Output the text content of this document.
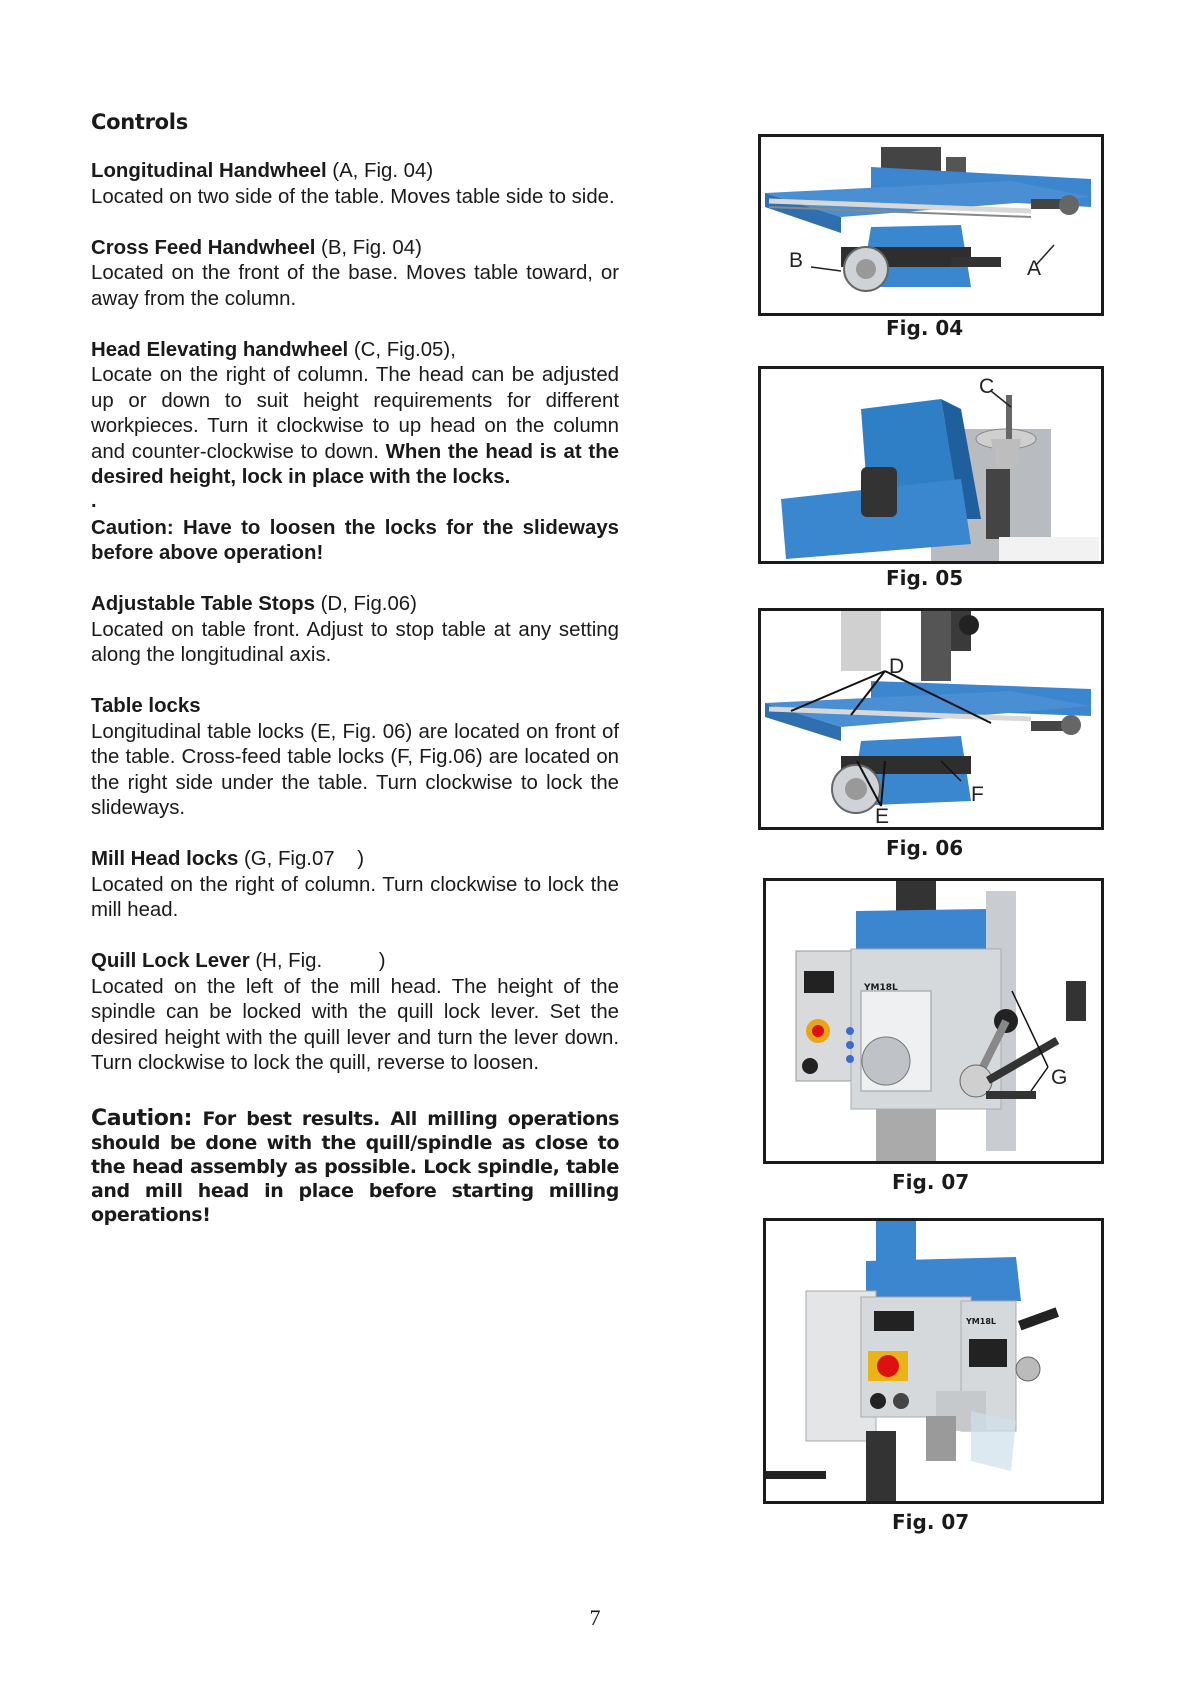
Controls
Longitudinal Handwheel (A, Fig. 04)
Located on two side of the table. Moves table side to side.
Cross Feed Handwheel (B, Fig. 04)
Located on the front of the base. Moves table toward, or away from the column.
Head Elevating handwheel (C, Fig.05),
Locate on the right of column. The head can be adjusted up or down to suit height requirements for different workpieces. Turn it clockwise to up head on the column and counter-clockwise to down. When the head is at the desired height, lock in place with the locks.
.
Caution: Have to loosen the locks for the slideways before above operation!
Adjustable Table Stops (D, Fig.06)
Located on table front. Adjust to stop table at any setting along the longitudinal axis.
Table locks
Longitudinal table locks (E, Fig. 06) are located on front of the table. Cross-feed table locks (F, Fig.06) are located on the right side under the table. Turn clockwise to lock the slideways.
Mill Head locks (G, Fig.07    )
Located on the right of column. Turn clockwise to lock the mill head.
Quill Lock Lever (H, Fig.          )
Located on the left of the mill head. The height of the spindle can be locked with the quill lock lever. Set the desired height with the quill lever and turn the lever down. Turn clockwise to lock the quill, reverse to loosen.
Caution: For best results. All milling operations should be done with the quill/spindle as close to the head assembly as possible. Lock spindle, table and mill head in place before starting milling operations!
B	A
Fig. 04
C
Fig. 05
D
E
F
Fig. 06
YM18L
G
Fig. 07
YM18L
Fig. 07
7
